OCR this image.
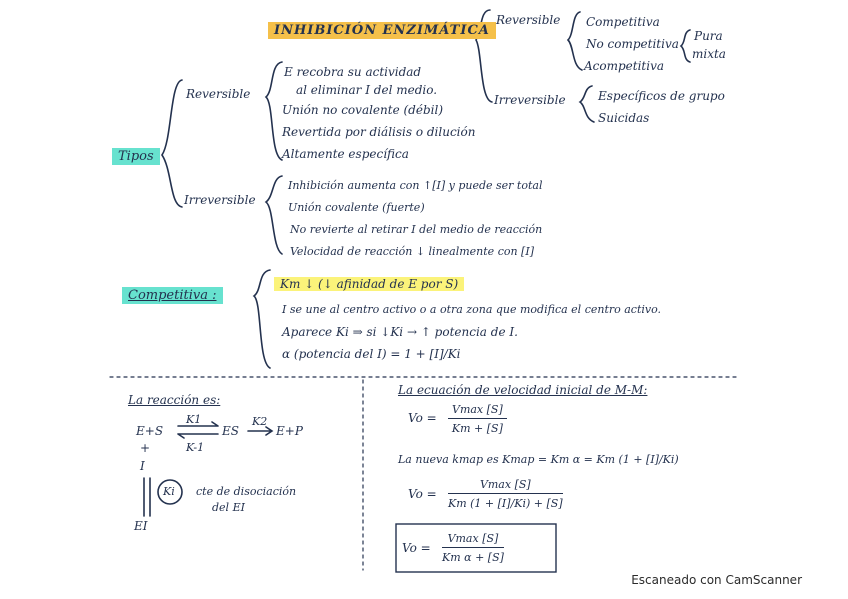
INHIBICIÓN ENZIMÁTICA
Reversible Competitiva
No competitiva
Acompetitiva
Pura
mixta
Irreversible	Específicos de grupo
Suicidas
Tipos
Reversible
E recobra su actividad
al eliminar I del medio.
Unión no covalente (débil)
Revertida por diálisis o dilución
Altamente específica
Irreversible
Inhibición aumenta con ↑[I] y puede ser total
Unión covalente (fuerte)
No revierte al retirar I del medio de reacción
Velocidad de reacción ↓ linealmente con [I]
Competitiva :
Km ↓ (↓ afinidad de E por S)
I se une al centro activo o a otra zona que modifica el centro activo.
Aparece Ki ⇒ si ↓Ki → ↑ potencia de I.
α (potencia del I) = 1 + [I]/Ki
La reacción es:
K1	K2
K-1
E+S	ES	E+P
+
I
Ki cte de disociación
del EI
EI
La ecuación de velocidad inicial de M-M:
Vo =
Vmax [S]
Km + [S]
La nueva kmap es Kmap = Km α = Km (1 + [I]/Ki)
Vo =
Vmax [S]
Km (1 + [I]/Ki) + [S]
Vo =
Vmax [S]
Km α + [S]
Escaneado con CamScanner
